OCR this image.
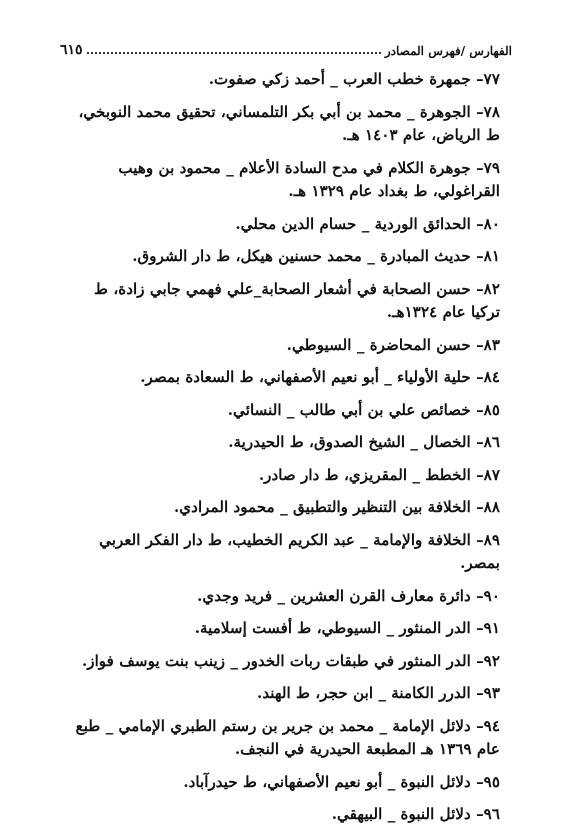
الفهارس /فهرس المصادر
٦١٥
٧٧– جمهرة خطب العرب _ أحمد زكي صفوت.
٧٨– الجوهرة _ محمد بن أبي بكر التلمساني، تحقيق محمد النوبخي، ط الرياض، عام ١٤٠٣ هـ.
٧٩– جوهرة الكلام في مدح السادة الأعلام _ محمود بن وهيب القراغولي، ط بغداد عام ١٣٢٩ هـ.
٨٠– الحدائق الوردية _ حسام الدين محلي.
٨١– حديث المبادرة _ محمد حسنين هيكل، ط دار الشروق.
٨٢– حسن الصحابة في أشعار الصحابة_علي فهمي جابي زادة، ط تركيا عام ١٣٢٤هـ.
٨٣– حسن المحاضرة _ السيوطي.
٨٤– حلية الأولياء _ أبو نعيم الأصفهاني، ط السعادة بمصر.
٨٥– خصائص علي بن أبي طالب _ النسائي.
٨٦– الخصال _ الشيخ الصدوق، ط الحيدرية.
٨٧– الخطط _ المقريزي، ط دار صادر.
٨٨– الخلافة بين التنظير والتطبيق _ محمود المرادي.
٨٩– الخلافة والإمامة _ عبد الكريم الخطيب، ط دار الفكر العربي بمصر.
٩٠– دائرة معارف القرن العشرين _ فريد وجدي.
٩١– الدر المنثور _ السيوطي، ط أفست إسلامية.
٩٢– الدر المنثور في طبقات ربات الخدور _ زينب بنت يوسف فواز.
٩٣– الدرر الكامنة _ ابن حجر، ط الهند.
٩٤– دلائل الإمامة _ محمد بن جرير بن رستم الطبري الإمامي _ طبع عام ١٣٦٩ هـ المطبعة الحيدرية في النجف.
٩٥– دلائل النبوة _ أبو نعيم الأصفهاني، ط حيدرآباد.
٩٦– دلائل النبوة _ البيهقي.
